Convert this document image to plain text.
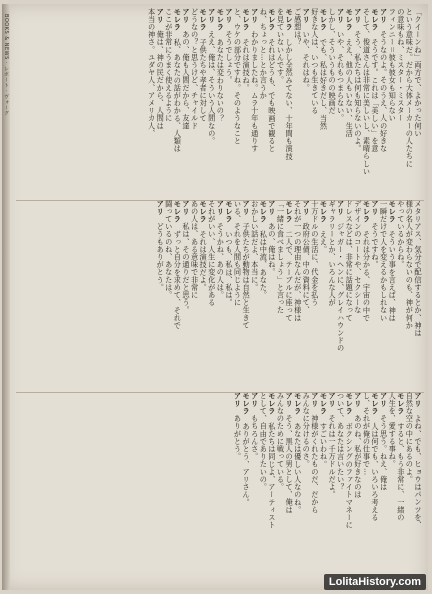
BOOKS & NEWS · レポート · ヴォーグ	「クイーンね」両方で、よかった何い

という意味だ。だから大体メーカーの人たちに

の意味もね、ミスター・ミスター

フィンニー＝彼も彼女も知らない

アリ　そうなのよ。そのうえ、人の好きな

モレラ　そうです。これは「美しい」を意

そして、俊道さんは非常に美しいし、素晴らしい

アリ　そう、私たちは何も知らないのよ。

モレラ　ええ、他の人もいない、生活

アリ　いや、それもつまらない。

しかし、そういうものの映画だ

モレラ　でも、私は好きだし、当然

好きな人は、いつも生きている

アリ　いや、それはね。

ご感想は？

モレラ　しかし全然みてない、十年間も演技

を見ていないんです。

モレラ　それはどうも、でも映画で観ると

ね、ちょっと…とか言うか

アリ　わかりましたね。ムラ十年も通りす

モレラ　それは演技ね。

と、ウケの部分ですね。そのようなこと

アリ　そうでしょう。

モレラ　あなたは変わりないの？

アリ　ええ、俺は、そういう人間なの。

モレラ　子供たちや孝者に対して

どうなの？と思うけど、チャイルド

アリ　あの、俺も人間だから、友達

モレラ　私、あなたの話がわかる、人類は

ここが非常にうまく使えるように

アリ　俺は、神の民だから、人間は

本当の神さ。ユダヤ人、アメリカ人、

メタリアス、気分で配信するとか、神は

様の名人が変わらないのも、神が何か

やっているからね。

モレラ　そういう事を言えば、神は

一瞬だけで人を変えるかもしれない

アリ　そうですね。

モレラ　それは分かる、宇宙の中で

デザインのコートや、セクシーな

ドレスなどは、非常に話題になって

アリ　ジャガー・ヘンに、グレイハウンドの

ギャラリーとか、いろんな人が

モレラ　ええ。

十万ドルの生活に、代金を払う

アリ　政府公債、中の資料にて、

それが一つの理由なんだが、神様は

モレラ　二人で、テーブルに座って

「一緒に食べましょう」と言った

アリ　あの、俺はね。

モレラ　私は中流、あなた。

おかしい話だよ、本当に。

アリ　子供たちが動物は自然と生きて

いる、それを人間も同じように

モレラ　いつも、私は、私は。

アリ　そうかね、あの人は。

それがいい、人生に変化がある

モレラ　それは演技だよ。

あの人は、ある意味で非常に

アリ　私は、その通りだと思う。

モレラ　ずっと自分を求めて、それで

闘っているのね、あなたは。

アリ　どうもありがとう。

アリ　よね、でも、ヒョウはパンツを、

自然な空の中にあるのよ。

モレラ　すると、もう非常に、一緒の

人生を、愛する事ね。

アリ　そう思う。ねえ、俺は

モレラ　人は何でも、いろいろ考える

し、それが俺の仕事で…

アリ　あのね、私が好きなのは

モレラ　ボクシングのファイトマネーに

ついて、あなたは言いたい？

アリ　それは一千万ドルだよ。

モレラ　すごいわね。

アリ　神様がくれたものだ、だから

みんなに分けるのさ。

モレラ　あなたは優しい人なのね。

アリ　そう、黒人の男として、俺は

みんなのために戦っている。

モレラ　私たちは同じよ、アーティスト

として、自由でありたいの。

アリ　もちろんさ。

モレラ　ありがとう、アリさん。

アリ　ありがとう。

LolitaHistory.com
